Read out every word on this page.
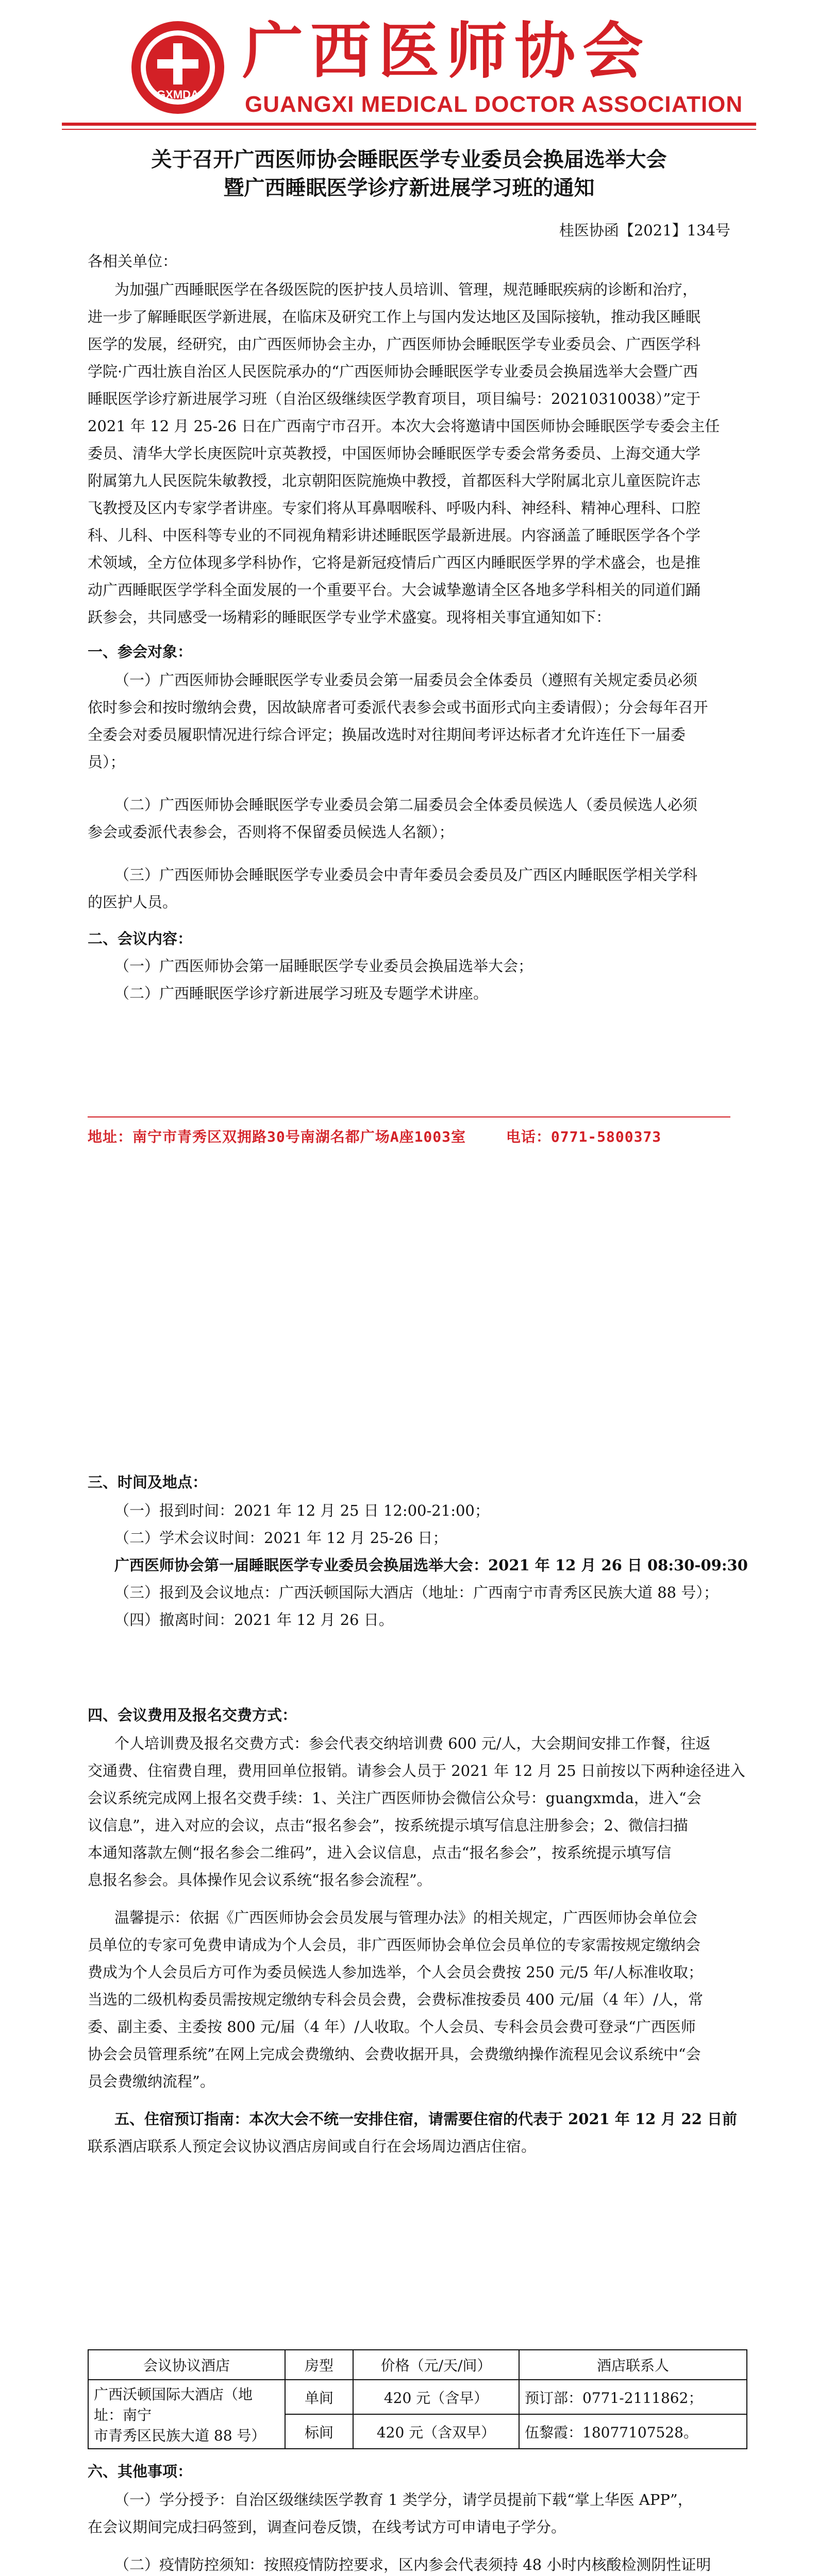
GXMDA
广西医师协会
GUANGXI MEDICAL DOCTOR ASSOCIATION
关于召开广西医师协会睡眠医学专业委员会换届选举大会
暨广西睡眠医学诊疗新进展学习班的通知
桂医协函【2021】134号
各相关单位：
为加强广西睡眠医学在各级医院的医护技人员培训、管理，规范睡眠疾病的诊断和治疗，
进一步了解睡眠医学新进展，在临床及研究工作上与国内发达地区及国际接轨，推动我区睡眠
医学的发展，经研究，由广西医师协会主办，广西医师协会睡眠医学专业委员会、广西医学科
学院·广西壮族自治区人民医院承办的“广西医师协会睡眠医学专业委员会换届选举大会暨广西
睡眠医学诊疗新进展学习班（自治区级继续医学教育项目，项目编号：20210310038）”定于
2021 年 12 月 25-26 日在广西南宁市召开。本次大会将邀请中国医师协会睡眠医学专委会主任
委员、清华大学长庚医院叶京英教授，中国医师协会睡眠医学专委会常务委员、上海交通大学
附属第九人民医院朱敏教授，北京朝阳医院施焕中教授，首都医科大学附属北京儿童医院许志
飞教授及区内专家学者讲座。专家们将从耳鼻咽喉科、呼吸内科、神经科、精神心理科、口腔
科、儿科、中医科等专业的不同视角精彩讲述睡眠医学最新进展。内容涵盖了睡眠医学各个学
术领域，全方位体现多学科协作，它将是新冠疫情后广西区内睡眠医学界的学术盛会，也是推
动广西睡眠医学学科全面发展的一个重要平台。大会诚挚邀请全区各地多学科相关的同道们踊
跃参会，共同感受一场精彩的睡眠医学专业学术盛宴。现将相关事宜通知如下：
一、参会对象：
（一）广西医师协会睡眠医学专业委员会第一届委员会全体委员（遵照有关规定委员必须
依时参会和按时缴纳会费，因故缺席者可委派代表参会或书面形式向主委请假）；分会每年召开
全委会对委员履职情况进行综合评定；换届改选时对往期间考评达标者才允许连任下一届委
员）；
（二）广西医师协会睡眠医学专业委员会第二届委员会全体委员候选人（委员候选人必须
参会或委派代表参会，否则将不保留委员候选人名额）；
（三）广西医师协会睡眠医学专业委员会中青年委员会委员及广西区内睡眠医学相关学科
的医护人员。
二、会议内容：
（一）广西医师协会第一届睡眠医学专业委员会换届选举大会；
（二）广西睡眠医学诊疗新进展学习班及专题学术讲座。
地址：南宁市青秀区双拥路30号南湖名都广场A座1003室	电话：0771-5800373
三、时间及地点：
（一）报到时间：2021 年 12 月 25 日 12:00-21:00；
（二）学术会议时间：2021 年 12 月 25-26 日；
广西医师协会第一届睡眠医学专业委员会换届选举大会：2021 年 12 月 26 日 08:30-09:30
（三）报到及会议地点：广西沃顿国际大酒店（地址：广西南宁市青秀区民族大道 88 号）；
（四）撤离时间：2021 年 12 月 26 日。
四、会议费用及报名交费方式：
个人培训费及报名交费方式：参会代表交纳培训费 600 元/人，大会期间安排工作餐，往返
交通费、住宿费自理，费用回单位报销。请参会人员于 2021 年 12 月 25 日前按以下两种途径进入
会议系统完成网上报名交费手续：1、关注广西医师协会微信公众号：guangxmda，进入“会
议信息”，进入对应的会议，点击“报名参会”，按系统提示填写信息注册参会；2、微信扫描
本通知落款左侧“报名参会二维码”，进入会议信息，点击“报名参会”，按系统提示填写信
息报名参会。具体操作见会议系统“报名参会流程”。
温馨提示：依据《广西医师协会会员发展与管理办法》的相关规定，广西医师协会单位会
员单位的专家可免费申请成为个人会员，非广西医师协会单位会员单位的专家需按规定缴纳会
费成为个人会员后方可作为委员候选人参加选举，个人会员会费按 250 元/5 年/人标准收取；
当选的二级机构委员需按规定缴纳专科会员会费，会费标准按委员 400 元/届（4 年）/人，常
委、副主委、主委按 800 元/届（4 年）/人收取。个人会员、专科会员会费可登录“广西医师
协会会员管理系统”在网上完成会费缴纳、会费收据开具，会费缴纳操作流程见会议系统中“会
员会费缴纳流程”。
五、住宿预订指南：本次大会不统一安排住宿，请需要住宿的代表于 2021 年 12 月 22 日前
联系酒店联系人预定会议协议酒店房间或自行在会场周边酒店住宿。
会议协议酒店	房型	价格（元/天/间）	酒店联系人

广西沃顿国际大酒店（地址：南宁
市青秀区民族大道 88 号）	单间	420 元（含早）	预订部：0771-2111862；
	标间	420 元（含双早）	伍黎霞：18077107528。
六、其他事项：
（一）学分授予：自治区级继续医学教育 1 类学分，请学员提前下载“掌上华医 APP”，
在会议期间完成扫码签到，调查问卷反馈，在线考试方可申请电子学分。
（二）疫情防控须知：按照疫情防控要求，区内参会代表须持 48 小时内核酸检测阴性证明
